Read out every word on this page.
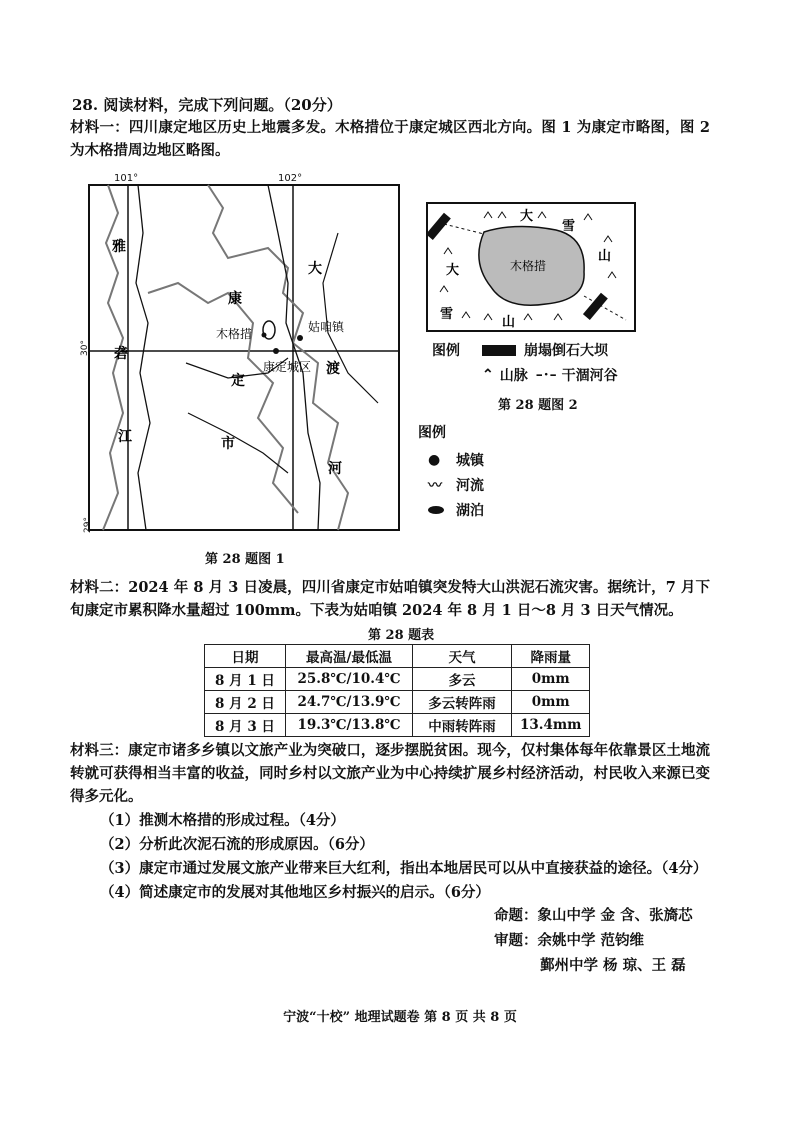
28. 阅读材料，完成下列问题。（20分）
材料一：四川康定地区历史上地震多发。木格措位于康定城区西北方向。图 1 为康定市略图，图 2 为木格措周边地区略图。
101°	102°
30°
29°
雅
砻
江
大
渡
河
康
定
市
木格措	姑咱镇
康定城区
第 28 题图 1
木格措
大
雪
山
大
雪
山
图例	崩塌倒石大坝
⌃ 山脉 –·– 干涸河谷
第 28 题图 2
图例
●	城镇
〰	河流
湖泊
材料二：2024 年 8 月 3 日凌晨，四川省康定市姑咱镇突发特大山洪泥石流灾害。据统计，7 月下旬康定市累积降水量超过 100mm。下表为姑咱镇 2024 年 8 月 1 日～8 月 3 日天气情况。
第 28 题表
日期	最高温/最低温	天气	降雨量
8 月 1 日	25.8℃/10.4℃	多云	0mm
8 月 2 日	24.7℃/13.9℃	多云转阵雨	0mm
8 月 3 日	19.3℃/13.8℃	中雨转阵雨	13.4mm
材料三：康定市诸多乡镇以文旅产业为突破口，逐步摆脱贫困。现今，仅村集体每年依靠景区土地流转就可获得相当丰富的收益，同时乡村以文旅产业为中心持续扩展乡村经济活动，村民收入来源已变得多元化。
（1）推测木格措的形成过程。（4分）
（2）分析此次泥石流的形成原因。（6分）
（3）康定市通过发展文旅产业带来巨大红利，指出本地居民可以从中直接获益的途径。（4分）
（4）简述康定市的发展对其他地区乡村振兴的启示。（6分）
命题：象山中学 金 含、张旖芯
审题：余姚中学 范钧维
鄞州中学 杨 琼、王 磊
宁波“十校” 地理试题卷 第 8 页 共 8 页
